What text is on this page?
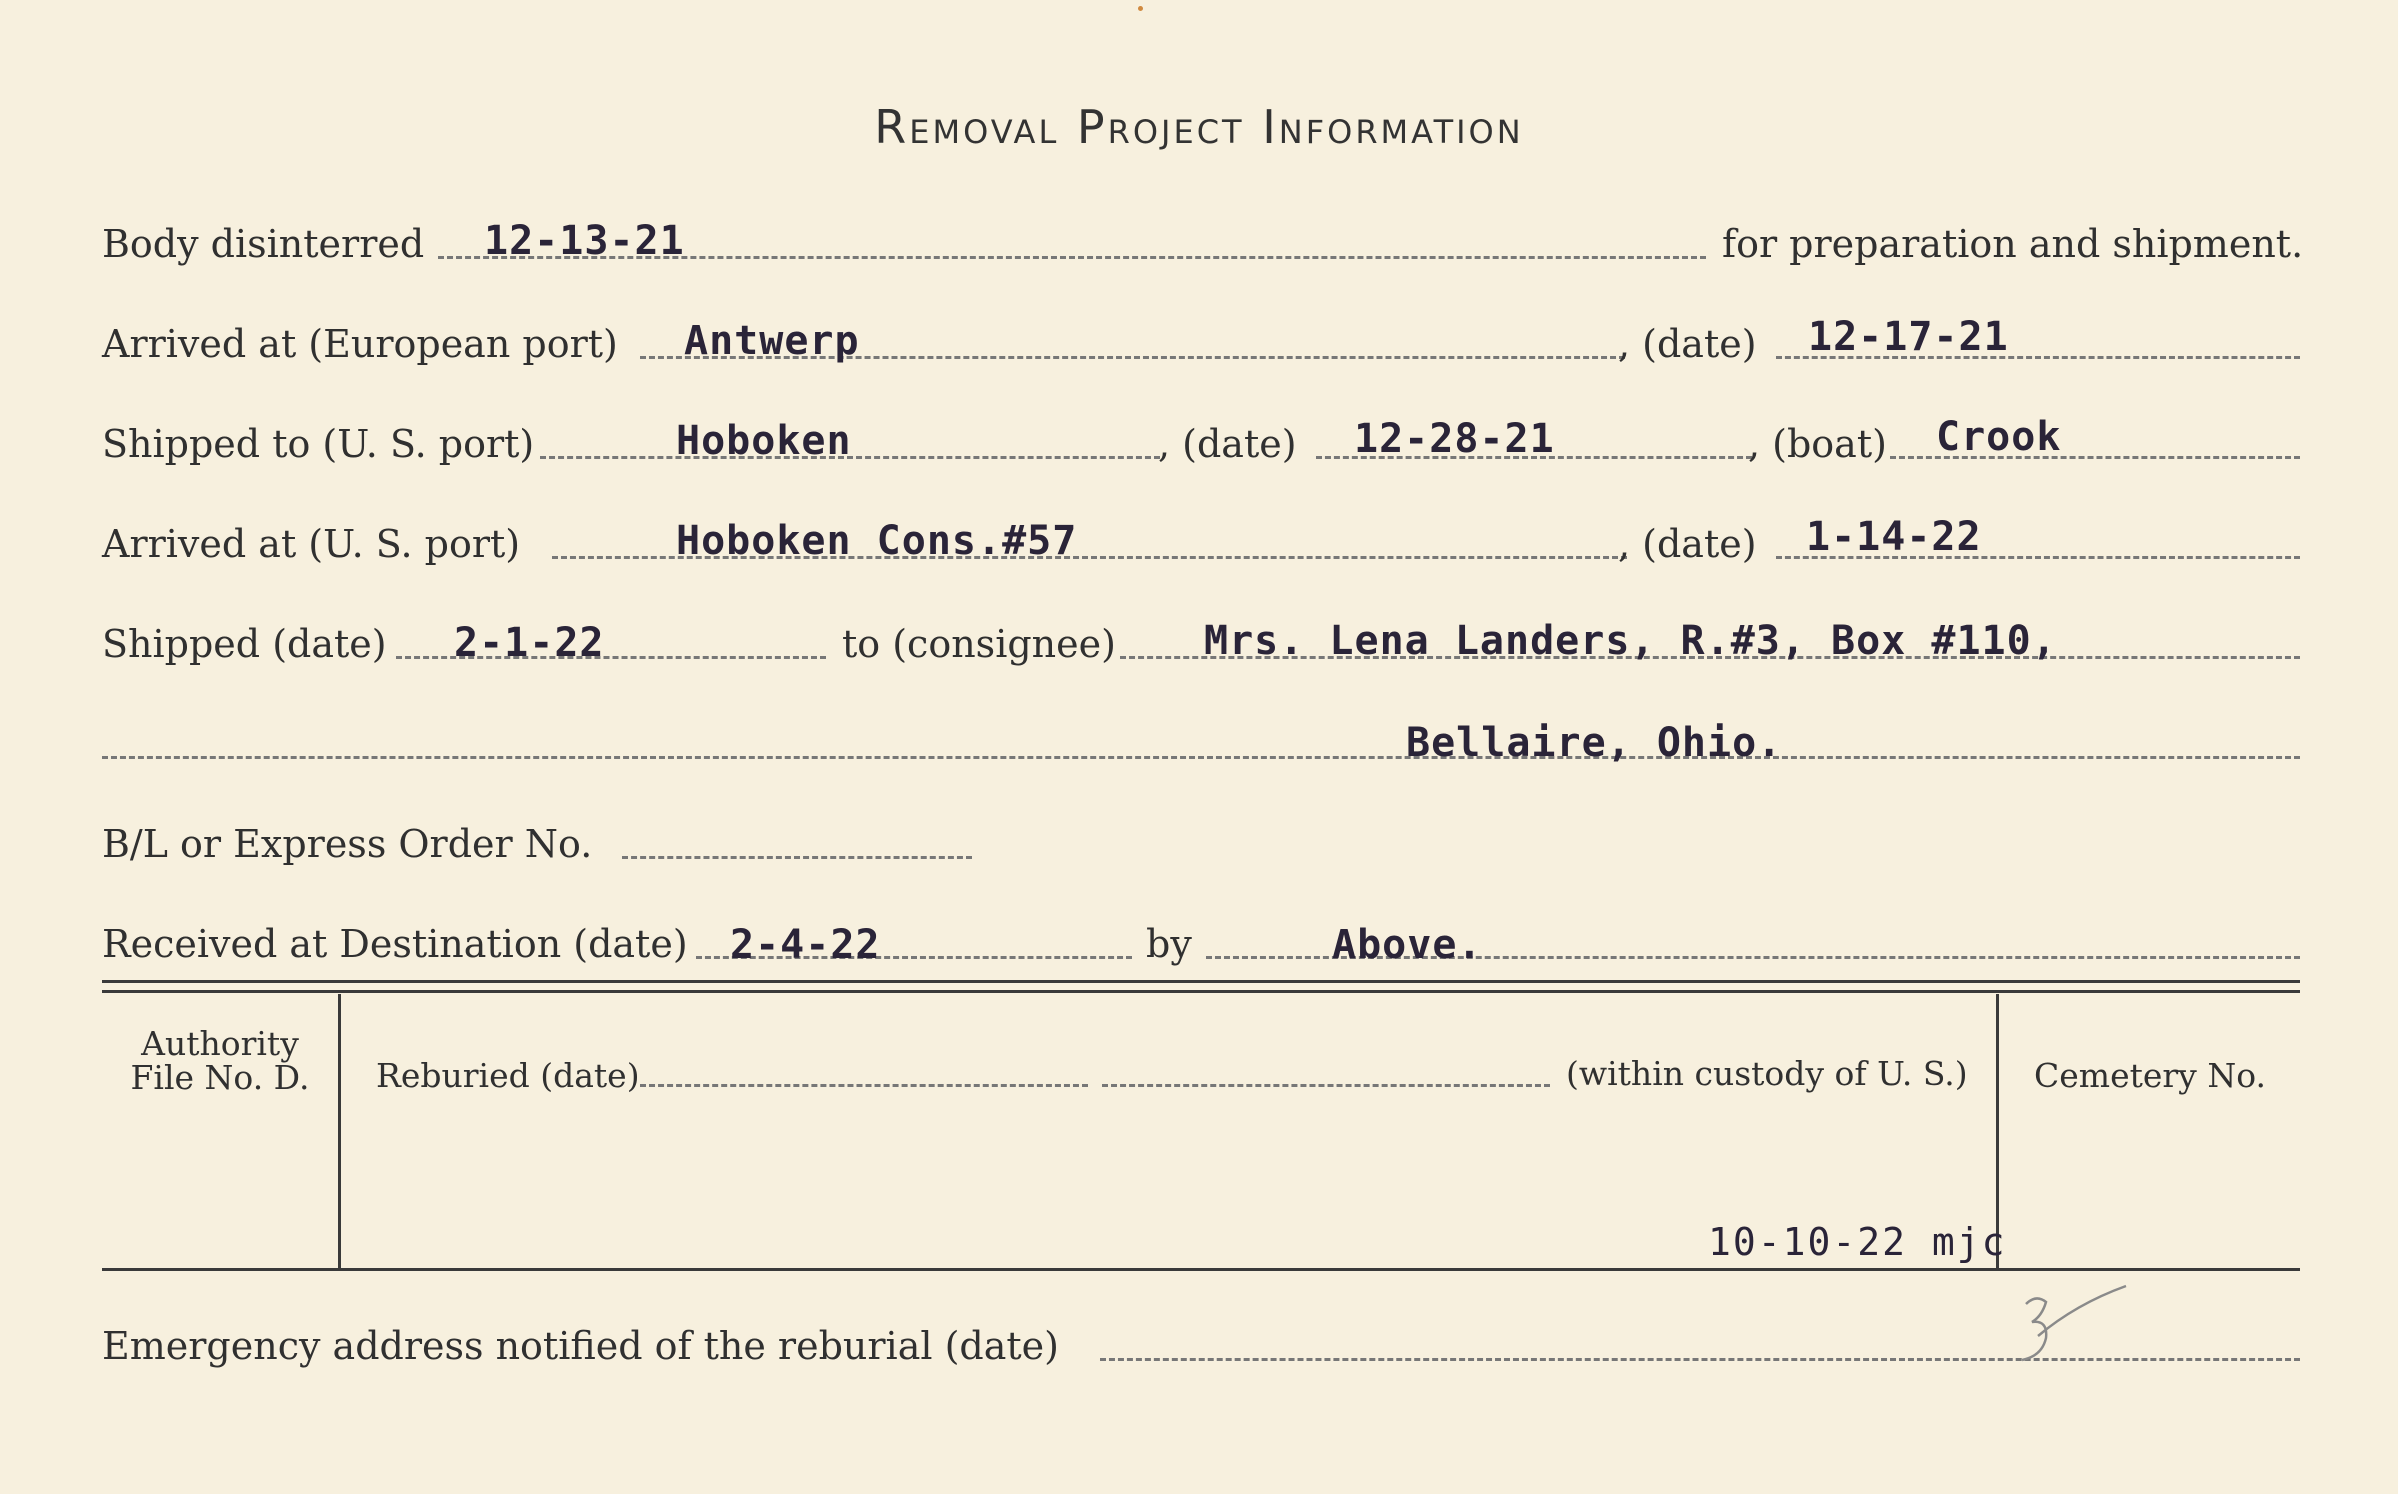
Removal Project Information
Body disinterred 12-13-21	for preparation and shipment.
Arrived at (European port) Antwerp	, (date) 12-17-21
Shipped to (U. S. port)	Hoboken	, (date) 12-28-21	, (boat) Crook
Arrived at (U. S. port)	Hoboken Cons.#57	, (date) 1-14-22
Shipped (date) 2-1-22	to (consignee) Mrs. Lena Landers, R.#3, Box #110,
Bellaire, Ohio.
B/L or Express Order No.
Received at Destination (date) 2-4-22	by	Above.
Authority
File No. D.	Reburied (date)	(within custody of U. S.)	Cemetery No.
10-10-22 mjc
Emergency address notified of the reburial (date)
